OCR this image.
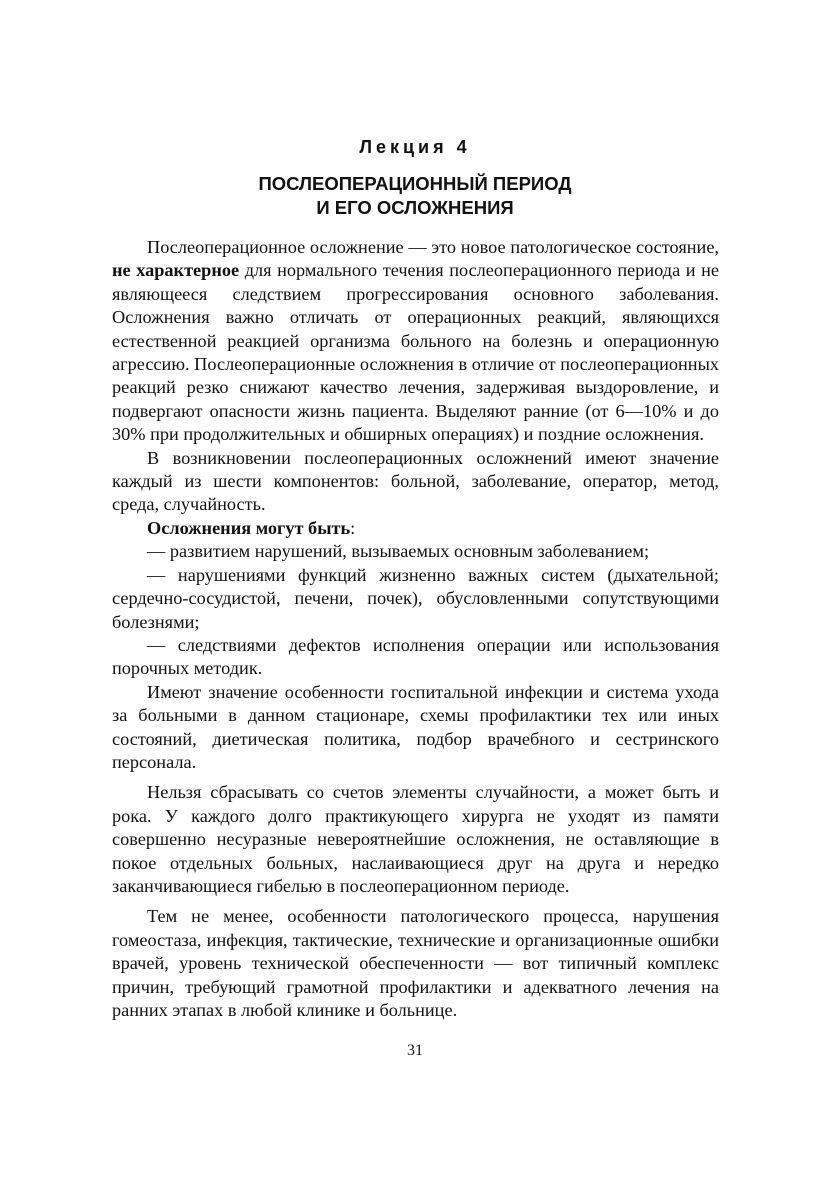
Лекция 4
ПОСЛЕОПЕРАЦИОННЫЙ ПЕРИОД
И ЕГО ОСЛОЖНЕНИЯ

Послеоперационное осложнение — это новое патологическое состояние, не характерное для нормального течения послеоперационного периода и не являющееся следствием прогрессирования основного заболевания. Осложнения важно отличать от операционных реакций, являющихся естественной реакцией организма больного на болезнь и операционную агрессию. Послеоперационные осложнения в отличие от послеоперационных реакций резко снижают качество лечения, задерживая выздоровление, и подвергают опасности жизнь пациента. Выделяют ранние (от 6—10% и до 30% при продолжительных и обширных операциях) и поздние осложнения.

В возникновении послеоперационных осложнений имеют значение каждый из шести компонентов: больной, заболевание, оператор, метод, среда, случайность.

Осложнения могут быть:

— развитием нарушений, вызываемых основным заболеванием;

— нарушениями функций жизненно важных систем (дыхательной; сердечно-сосудистой, печени, почек), обусловленными сопутствующими болезнями;

— следствиями дефектов исполнения операции или использования порочных методик.

Имеют значение особенности госпитальной инфекции и система ухода за больными в данном стационаре, схемы профилактики тех или иных состояний, диетическая политика, подбор врачебного и сестринского персонала.

Нельзя сбрасывать со счетов элементы случайности, а может быть и рока. У каждого долго практикующего хирурга не уходят из памяти совершенно несуразные невероятнейшие осложнения, не оставляющие в покое отдельных больных, наслаивающиеся друг на друга и нередко заканчивающиеся гибелью в послеоперационном периоде.

Тем не менее, особенности патологического процесса, нарушения гомеостаза, инфекция, тактические, технические и организационные ошибки врачей, уровень технической обеспеченности — вот типичный комплекс причин, требующий грамотной профилактики и адекватного лечения на ранних этапах в любой клинике и больнице.

31
